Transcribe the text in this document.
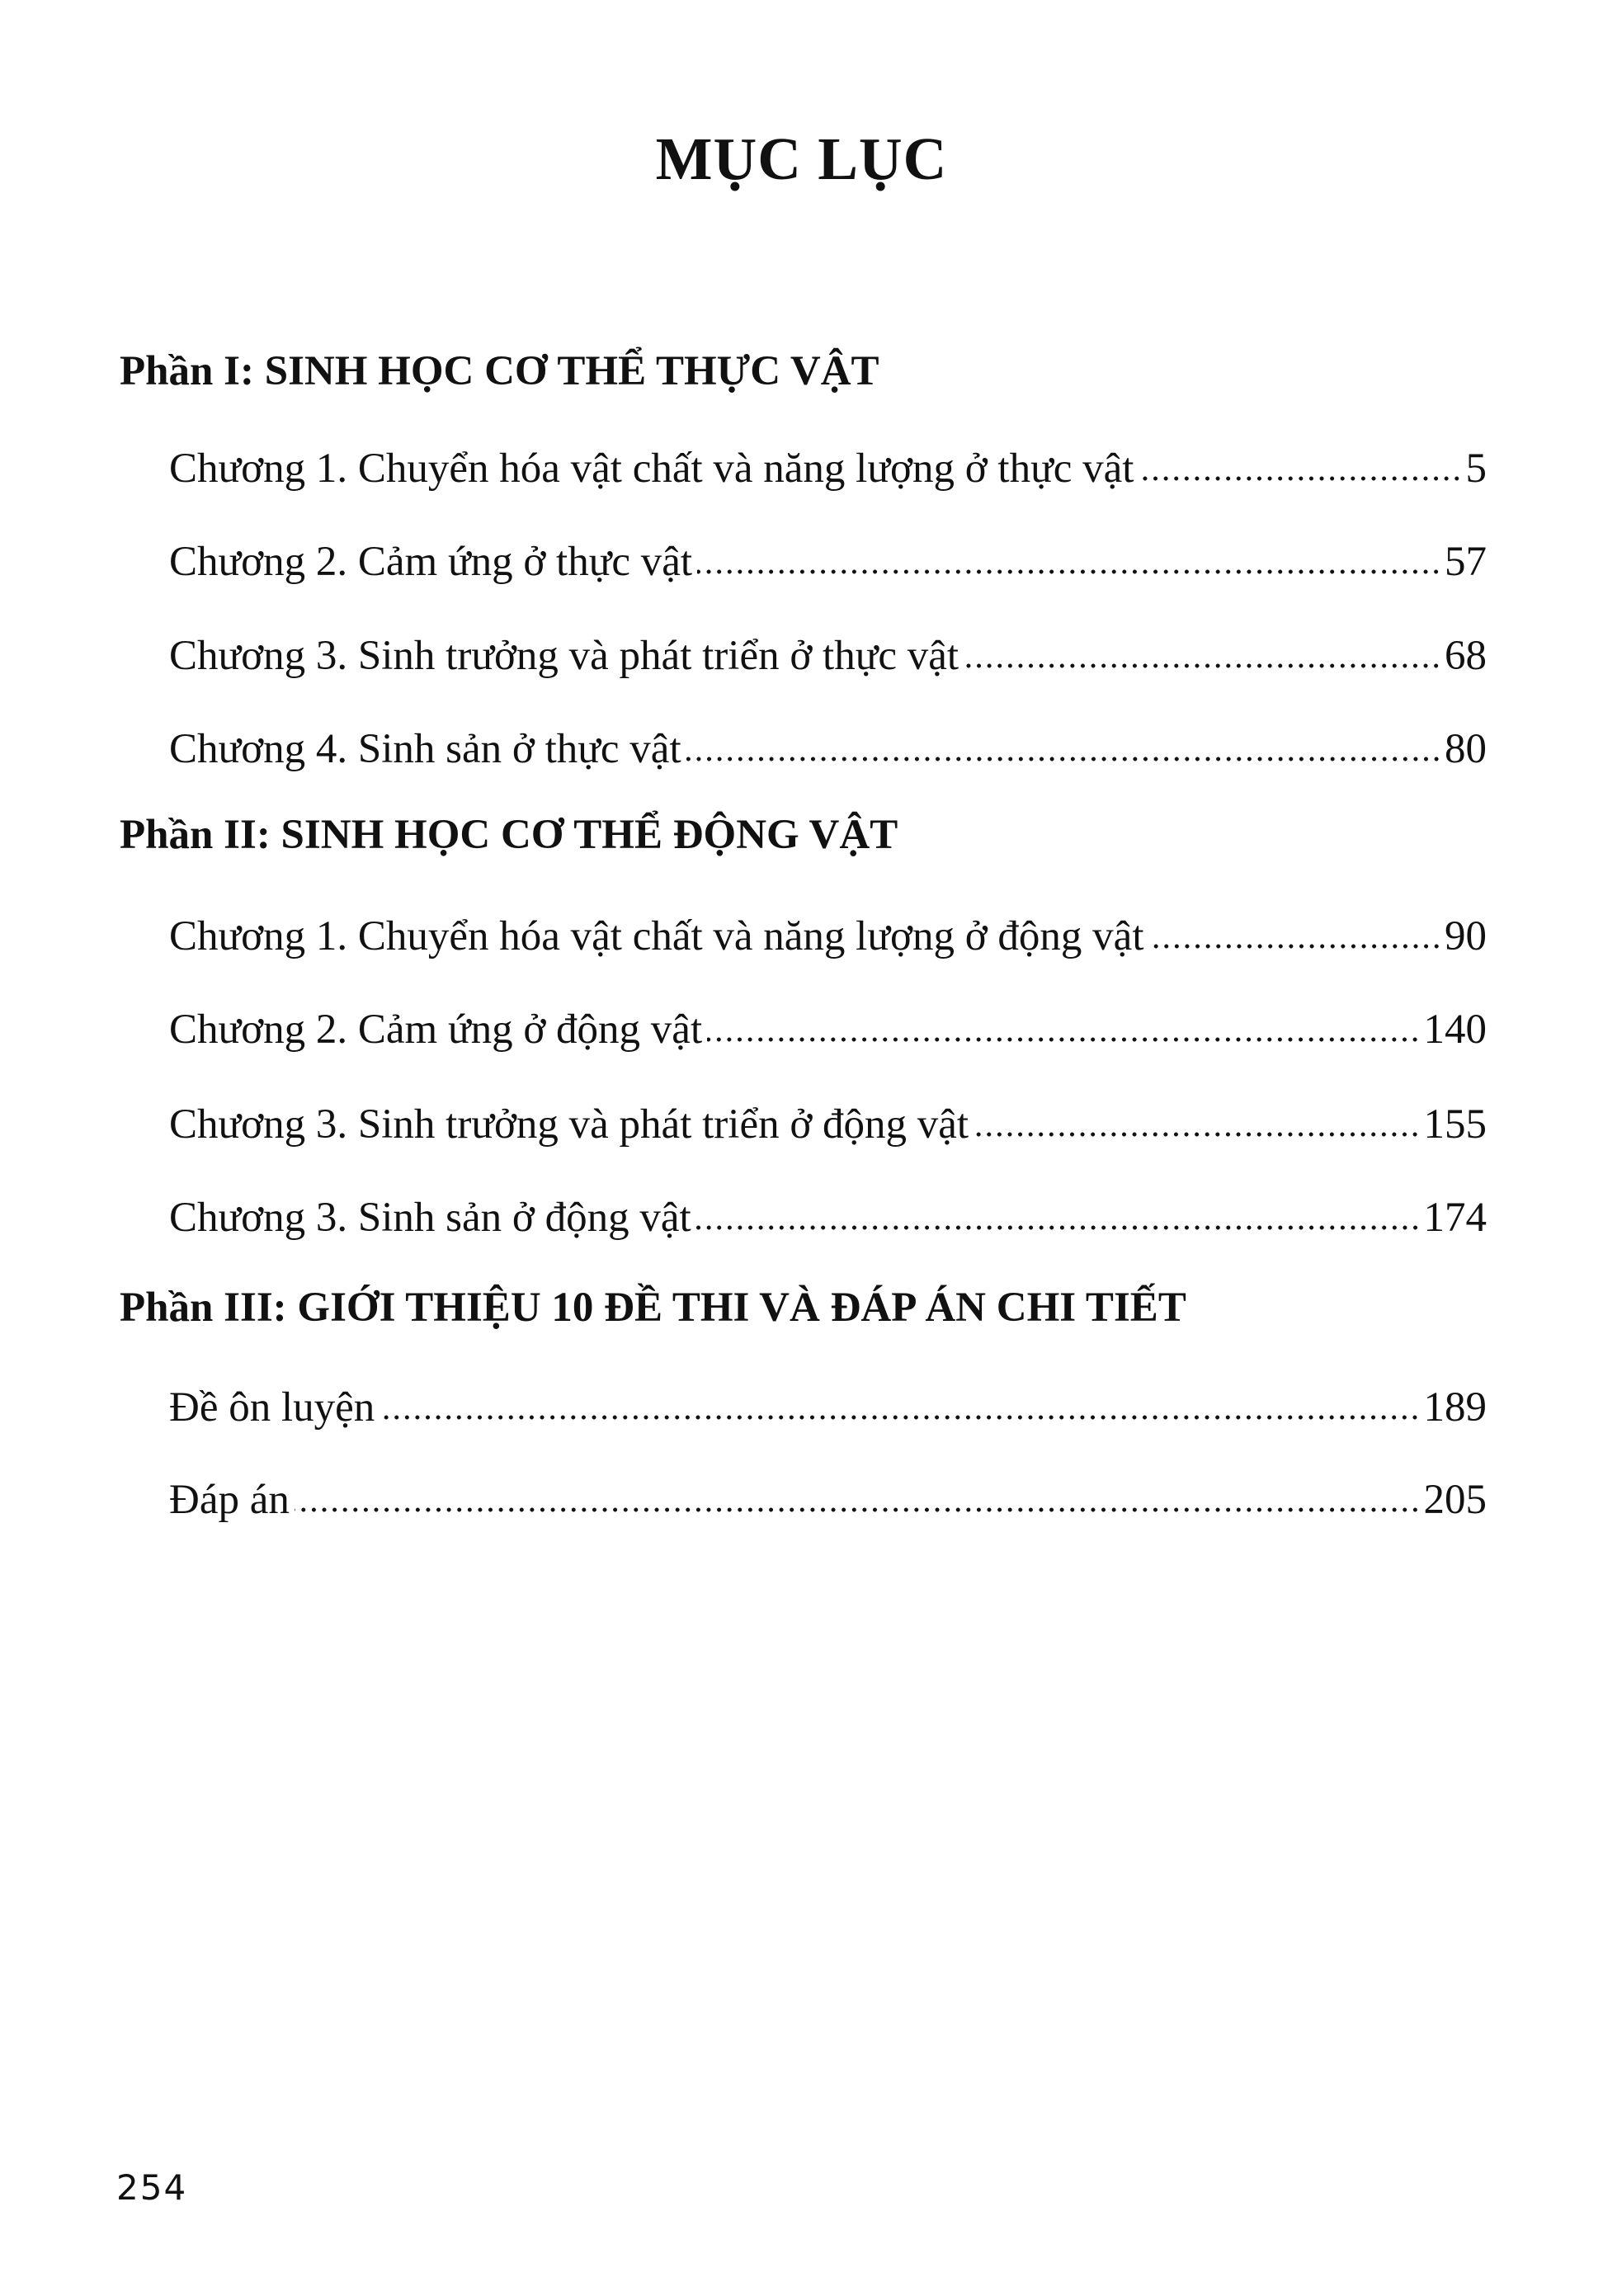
MỤC LỤC
Phần I: SINH HỌC CƠ THỂ THỰC VẬT
Chương 1. Chuyển hóa vật chất và năng lượng ở thực vật	5
Chương 2. Cảm ứng ở thực vật	57
Chương 3. Sinh trưởng và phát triển ở thực vật	68
Chương 4. Sinh sản ở thực vật	80
Phần II: SINH HỌC CƠ THỂ ĐỘNG VẬT
Chương 1. Chuyển hóa vật chất và năng lượng ở động vật	90
Chương 2. Cảm ứng ở động vật	140
Chương 3. Sinh trưởng và phát triển ở động vật	155
Chương 3. Sinh sản ở động vật	174
Phần III: GIỚI THIỆU 10 ĐỀ THI VÀ ĐÁP ÁN CHI TIẾT
Đề ôn luyện	189
Đáp án	205
254
